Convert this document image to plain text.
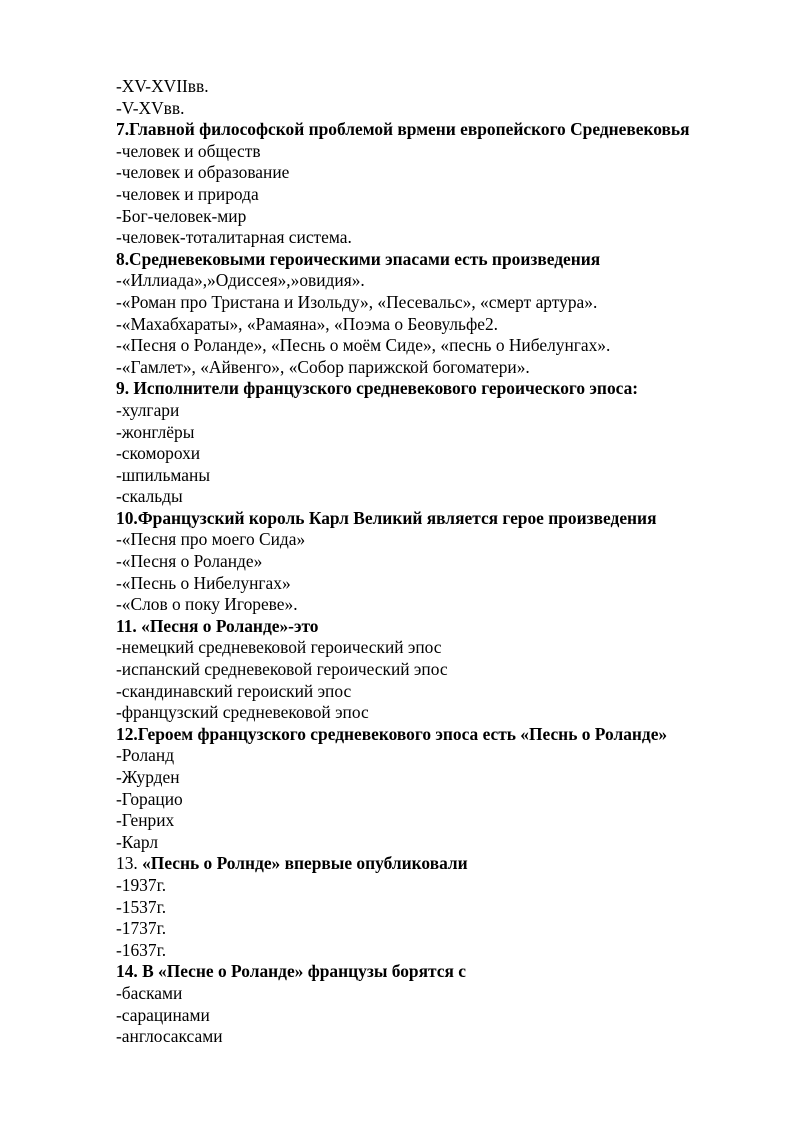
-XV-XVIIвв.
-V-XVвв.
7.Главной философской проблемой врмени европейского Средневековья
-человек и обществ
-человек и образование
-человек и природа
-Бог-человек-мир
-человек-тоталитарная система.
8.Средневековыми героическими эпасами есть произведения
-«Иллиада»,»Одиссея»,»овидия».
-«Роман про Тристана и Изольду», «Песевальс», «смерт артура».
-«Махабхараты», «Рамаяна», «Поэма о Беовульфе2.
-«Песня о Роланде», «Песнь о моём Сиде», «песнь о Нибелунгах».
-«Гамлет», «Айвенго», «Собор парижской богоматери».
9. Исполнители французского средневекового героического эпоса:
-хулгари
-жонглёры
-скоморохи
-шпильманы
-скальды
10.Французский король Карл Великий является герое произведения
-«Песня про моего Сида»
-«Песня о Роланде»
-«Песнь о Нибелунгах»
-«Слов о поку Игореве».
11. «Песня о Роланде»-это
-немецкий средневековой героический эпос
-испанский средневековой героический эпос
-скандинавский героиский эпос
-французский средневековой эпос
12.Героем французского средневекового эпоса есть «Песнь о Роланде»
-Роланд
-Журден
-Горацио
-Генрих
-Карл
13. «Песнь о Ролнде» впервые опубликовали
-1937г.
-1537г.
-1737г.
-1637г.
14. В «Песне о Роланде» французы борятся с
-басками
-сарацинами
-англосаксами
